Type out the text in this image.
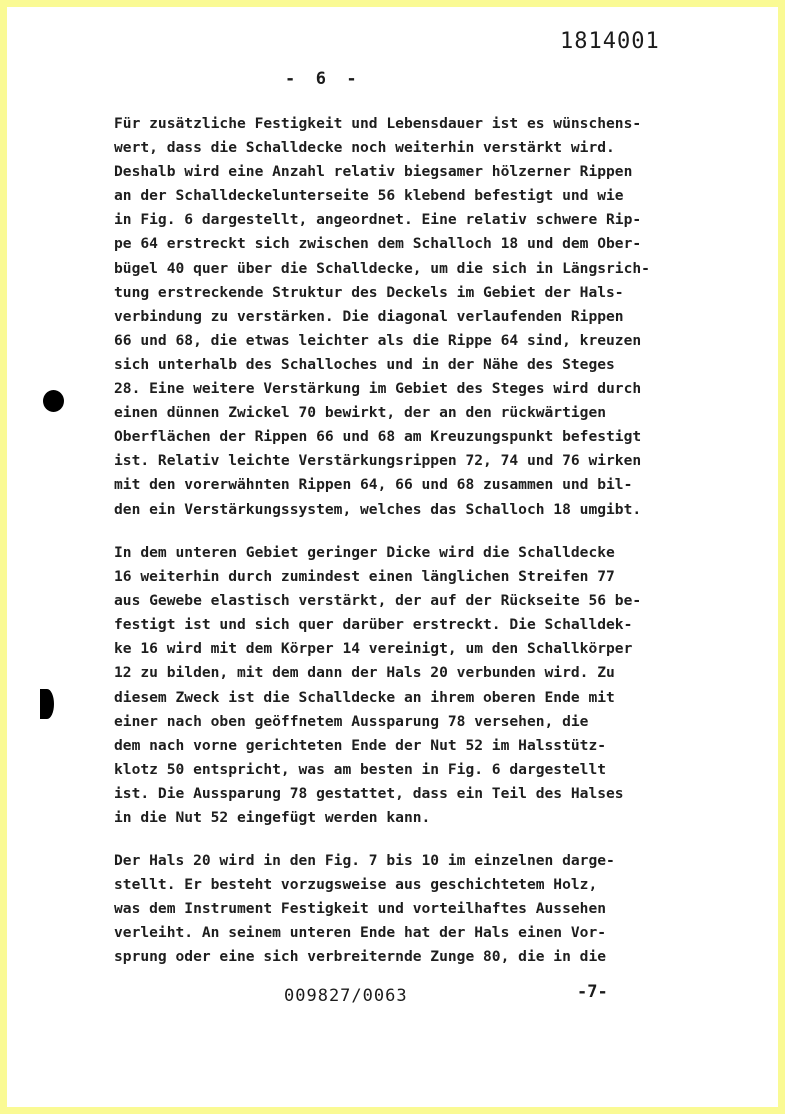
1814001
-  6  -
Für zusätzliche Festigkeit und Lebensdauer ist es wünschens-
wert, dass die Schalldecke noch weiterhin verstärkt wird.
Deshalb wird eine Anzahl relativ biegsamer hölzerner Rippen
an der Schalldeckelunterseite 56 klebend befestigt und wie
in Fig. 6 dargestellt, angeordnet. Eine relativ schwere Rip-
pe 64 erstreckt sich zwischen dem Schalloch 18 und dem Ober-
bügel 40 quer über die Schalldecke, um die sich in Längsrich-
tung erstreckende Struktur des Deckels im Gebiet der Hals-
verbindung zu verstärken. Die diagonal verlaufenden Rippen
66 und 68, die etwas leichter als die Rippe 64 sind, kreuzen
sich unterhalb des Schalloches und in der Nähe des Steges
28. Eine weitere Verstärkung im Gebiet des Steges wird durch
einen dünnen Zwickel 70 bewirkt, der an den rückwärtigen
Oberflächen der Rippen 66 und 68 am Kreuzungspunkt befestigt
ist. Relativ leichte Verstärkungsrippen 72, 74 und 76 wirken
mit den vorerwähnten Rippen 64, 66 und 68 zusammen und bil-
den ein Verstärkungssystem, welches das Schalloch 18 umgibt.
In dem unteren Gebiet geringer Dicke wird die Schalldecke
16 weiterhin durch zumindest einen länglichen Streifen 77
aus Gewebe elastisch verstärkt, der auf der Rückseite 56 be-
festigt ist und sich quer darüber erstreckt. Die Schalldek-
ke 16 wird mit dem Körper 14 vereinigt, um den Schallkörper
12 zu bilden, mit dem dann der Hals 20 verbunden wird. Zu
diesem Zweck ist die Schalldecke an ihrem oberen Ende mit
einer nach oben geöffnetem Aussparung 78 versehen, die
dem nach vorne gerichteten Ende der Nut 52 im Halsstütz-
klotz 50 entspricht, was am besten in Fig. 6 dargestellt
ist. Die Aussparung 78 gestattet, dass ein Teil des Halses
in die Nut 52 eingefügt werden kann.
Der Hals 20 wird in den Fig. 7 bis 10 im einzelnen darge-
stellt. Er besteht vorzugsweise aus geschichtetem Holz,
was dem Instrument Festigkeit und vorteilhaftes Aussehen
verleiht. An seinem unteren Ende hat der Hals einen Vor-
sprung oder eine sich verbreiternde Zunge 80, die in die
009827/0063	-7-
